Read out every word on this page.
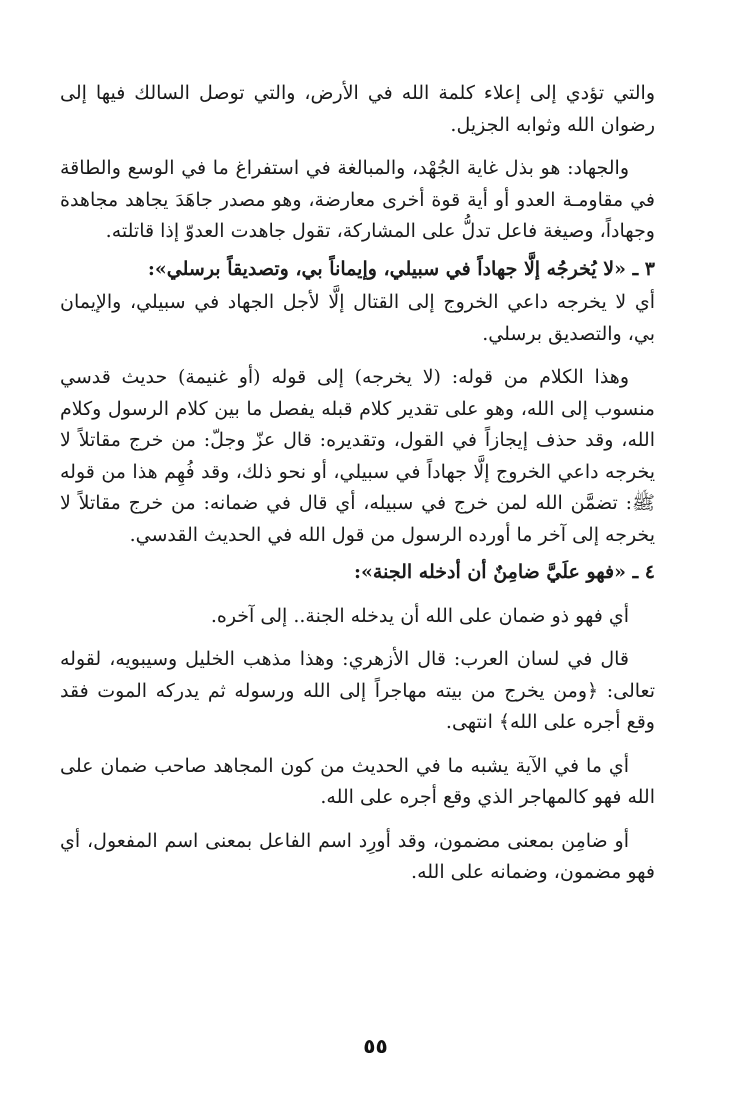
والتي تؤدي إلى إعلاء كلمة الله في الأرض، والتي توصل السالك فيها إلى رضوان الله وثوابه الجزيل.

والجهاد: هو بذل غاية الجُهْد، والمبالغة في استفراغ ما في الوسع والطاقة في مقاومـة العدو أو أية قوة أخرى معارضة، وهو مصدر جاهَدَ يجاهد مجاهدة وجهاداً، وصيغة فاعل تدلُّ على المشاركة، تقول جاهدت العدوّ إذا قاتلته.

٣ ـ «لا يُخرجُه إلَّا جهاداً في سبيلي، وإيماناً بي، وتصديقاً برسلي»:

أي لا يخرجه داعي الخروج إلى القتال إلَّا لأجل الجهاد في سبيلي، والإيمان بي، والتصديق برسلي.

وهذا الكلام من قوله: (لا يخرجه) إلى قوله (أو غنيمة) حديث قدسي منسوب إلى الله، وهو على تقدير كلام قبله يفصل ما بين كلام الرسول وكلام الله، وقد حذف إيجازاً في القول، وتقديره: قال عزّ وجلّ: من خرج مقاتلاً لا يخرجه داعي الخروج إلَّا جهاداً في سبيلي، أو نحو ذلك، وقد فُهِم هذا من قوله ﷺ: تضمَّن الله لمن خرج في سبيله، أي قال في ضمانه: من خرج مقاتلاً لا يخرجه إلى آخر ما أورده الرسول من قول الله في الحديث القدسي.

٤ ـ «فهو علَيَّ ضامِنٌ أن أدخله الجنة»:

أي فهو ذو ضمان على الله أن يدخله الجنة.. إلى آخره.

قال في لسان العرب: قال الأزهري: وهذا مذهب الخليل وسيبويه، لقوله تعالى: ﴿ومن يخرج من بيته مهاجراً إلى الله ورسوله ثم يدركه الموت فقد وقع أجره على الله﴾ انتهى.

أي ما في الآية يشبه ما في الحديث من كون المجاهد صاحب ضمان على الله فهو كالمهاجر الذي وقع أجره على الله.

أو ضامِن بمعنى مضمون، وقد أورِد اسم الفاعل بمعنى اسم المفعول، أي فهو مضمون، وضمانه على الله.

٥٥
